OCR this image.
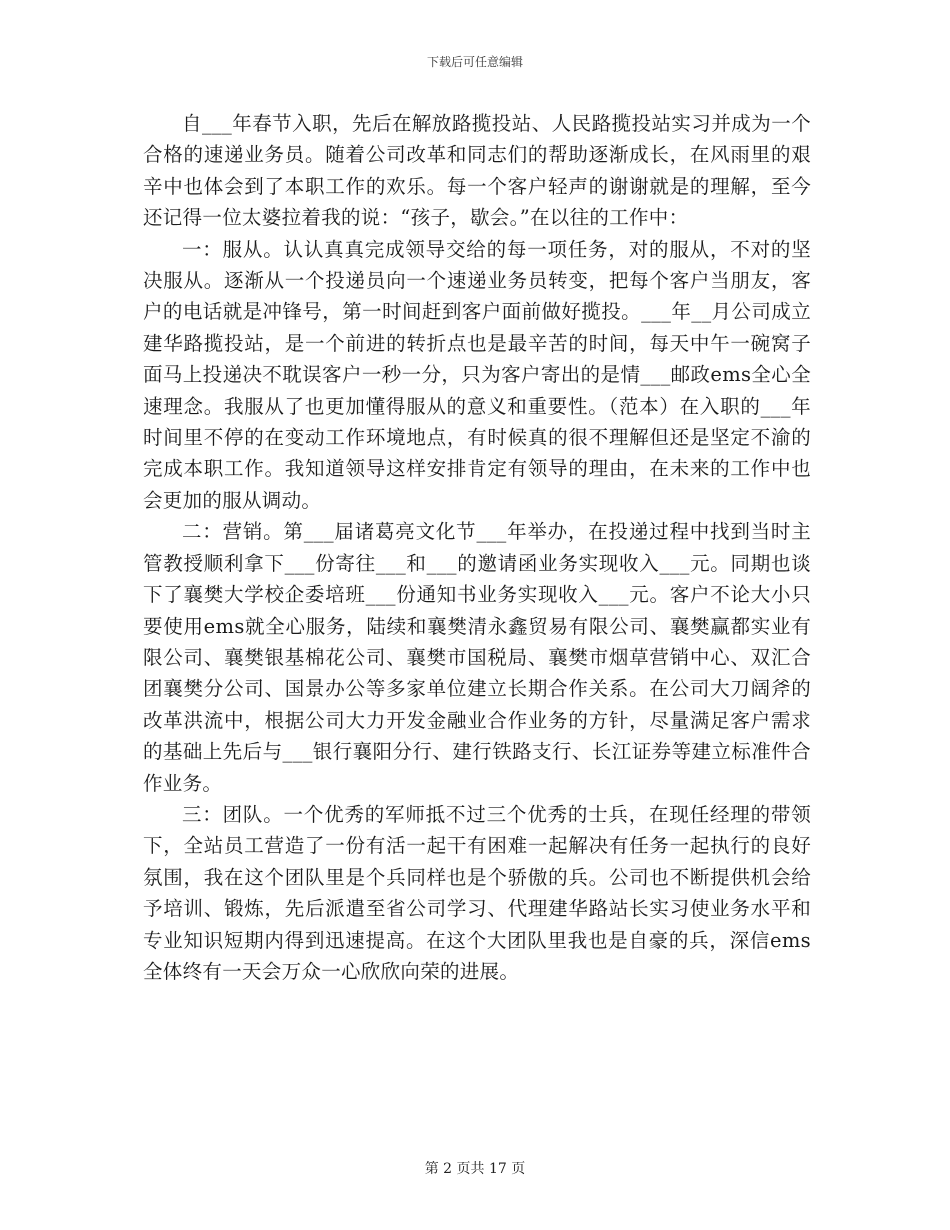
下载后可任意编辑

自___年春节入职，先后在解放路揽投站、人民路揽投站实习并成为一个合格的速递业务员。随着公司改革和同志们的帮助逐渐成长，在风雨里的艰辛中也体会到了本职工作的欢乐。每一个客户轻声的谢谢就是的理解，至今还记得一位太婆拉着我的说：“孩子，歇会。”在以往的工作中：

一：服从。认认真真完成领导交给的每一项任务，对的服从，不对的坚决服从。逐渐从一个投递员向一个速递业务员转变，把每个客户当朋友，客户的电话就是冲锋号，第一时间赶到客户面前做好揽投。___年__月公司成立建华路揽投站，是一个前进的转折点也是最辛苦的时间，每天中午一碗窝子面马上投递决不耽误客户一秒一分，只为客户寄出的是情___邮政ems全心全速理念。我服从了也更加懂得服从的意义和重要性。（范本）在入职的___年时间里不停的在变动工作环境地点，有时候真的很不理解但还是坚定不渝的完成本职工作。我知道领导这样安排肯定有领导的理由，在未来的工作中也会更加的服从调动。

二：营销。第___届诸葛亮文化节___年举办，在投递过程中找到当时主管教授顺利拿下___份寄往___和___的邀请函业务实现收入___元。同期也谈下了襄樊大学校企委培班___份通知书业务实现收入___元。客户不论大小只要使用ems就全心服务，陆续和襄樊清永鑫贸易有限公司、襄樊赢都实业有限公司、襄樊银基棉花公司、襄樊市国税局、襄樊市烟草营销中心、双汇合团襄樊分公司、国景办公等多家单位建立长期合作关系。在公司大刀阔斧的改革洪流中，根据公司大力开发金融业合作业务的方针，尽量满足客户需求的基础上先后与___银行襄阳分行、建行铁路支行、长江证券等建立标准件合作业务。

三：团队。一个优秀的军师抵不过三个优秀的士兵，在现任经理的带领下，全站员工营造了一份有活一起干有困难一起解决有任务一起执行的良好氛围，我在这个团队里是个兵同样也是个骄傲的兵。公司也不断提供机会给予培训、锻炼，先后派遣至省公司学习、代理建华路站长实习使业务水平和专业知识短期内得到迅速提高。在这个大团队里我也是自豪的兵，深信ems全体终有一天会万众一心欣欣向荣的进展。

第 2 页共 17 页
